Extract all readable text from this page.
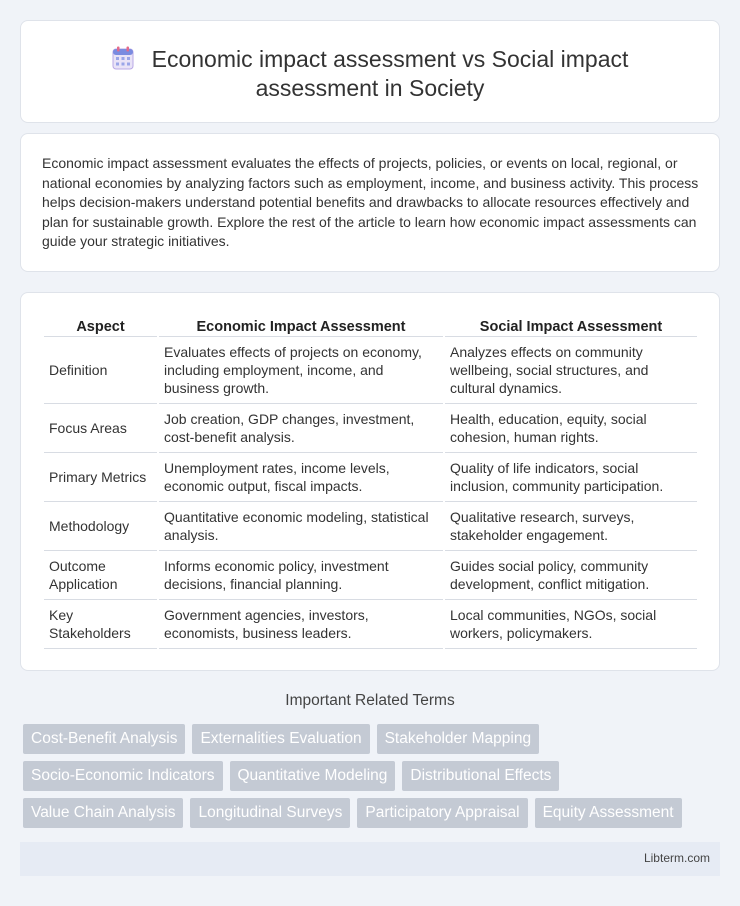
Economic impact assessment vs Social impact
assessment in Society

Economic impact assessment evaluates the effects of projects, policies, or events on local, regional, or national economies by analyzing factors such as employment, income, and business activity. This process helps decision-makers understand potential benefits and drawbacks to allocate resources effectively and plan for sustainable growth. Explore the rest of the article to learn how economic impact assessments can guide your strategic initiatives.

Aspect	Economic Impact Assessment	Social Impact Assessment
Definition	Evaluates effects of projects on economy, including employment, income, and business growth.	Analyzes effects on community wellbeing, social structures, and cultural dynamics.
Focus Areas	Job creation, GDP changes, investment, cost-benefit analysis.	Health, education, equity, social cohesion, human rights.
Primary Metrics	Unemployment rates, income levels, economic output, fiscal impacts.	Quality of life indicators, social inclusion, community participation.
Methodology	Quantitative economic modeling, statistical analysis.	Qualitative research, surveys, stakeholder engagement.
Outcome Application	Informs economic policy, investment decisions, financial planning.	Guides social policy, community development, conflict mitigation.
Key Stakeholders	Government agencies, investors, economists, business leaders.	Local communities, NGOs, social workers, policymakers.
Important Related Terms
Cost-Benefit Analysis	Externalities Evaluation	Stakeholder Mapping
Socio-Economic Indicators	Quantitative Modeling	Distributional Effects
Value Chain Analysis	Longitudinal Surveys	Participatory Appraisal	Equity Assessment
Libterm.com
